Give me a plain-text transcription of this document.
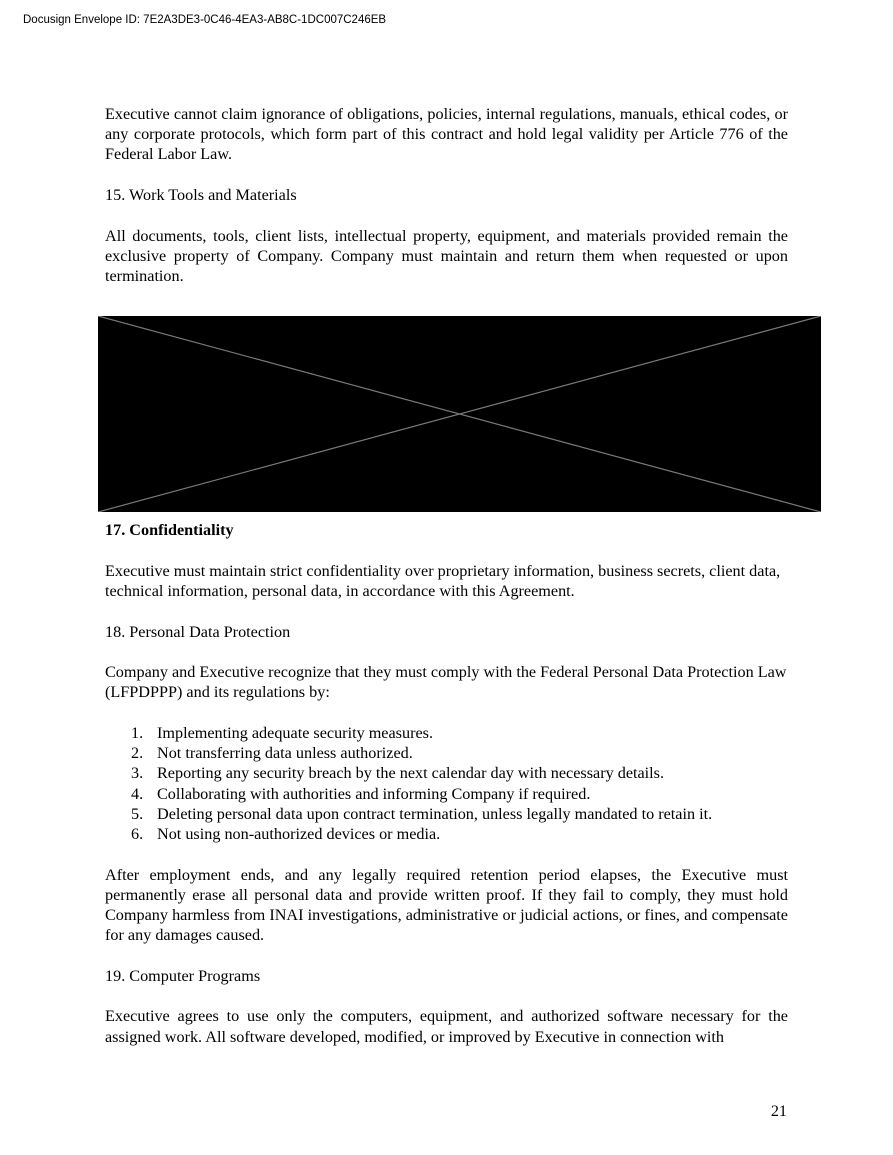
Docusign Envelope ID: 7E2A3DE3-0C46-4EA3-AB8C-1DC007C246EB

Executive cannot claim ignorance of obligations, policies, internal regulations, manuals, ethical codes, or any corporate protocols, which form part of this contract and hold legal validity per Article 776 of the Federal Labor Law.

15. Work Tools and Materials

All documents, tools, client lists, intellectual property, equipment, and materials provided remain the exclusive property of Company. Company must maintain and return them when requested or upon termination.

17. Confidentiality

Executive must maintain strict confidentiality over proprietary information, business secrets, client data, technical information, personal data, in accordance with this Agreement.

18. Personal Data Protection

Company and Executive recognize that they must comply with the Federal Personal Data Protection Law (LFPDPPP) and its regulations by:

1. Implementing adequate security measures.
2. Not transferring data unless authorized.
3. Reporting any security breach by the next calendar day with necessary details.
4. Collaborating with authorities and informing Company if required.
5. Deleting personal data upon contract termination, unless legally mandated to retain it.
6. Not using non-authorized devices or media.

After employment ends, and any legally required retention period elapses, the Executive must permanently erase all personal data and provide written proof. If they fail to comply, they must hold Company harmless from INAI investigations, administrative or judicial actions, or fines, and compensate for any damages caused.

19. Computer Programs

Executive agrees to use only the computers, equipment, and authorized software necessary for the assigned work. All software developed, modified, or improved by Executive in connection with

21
